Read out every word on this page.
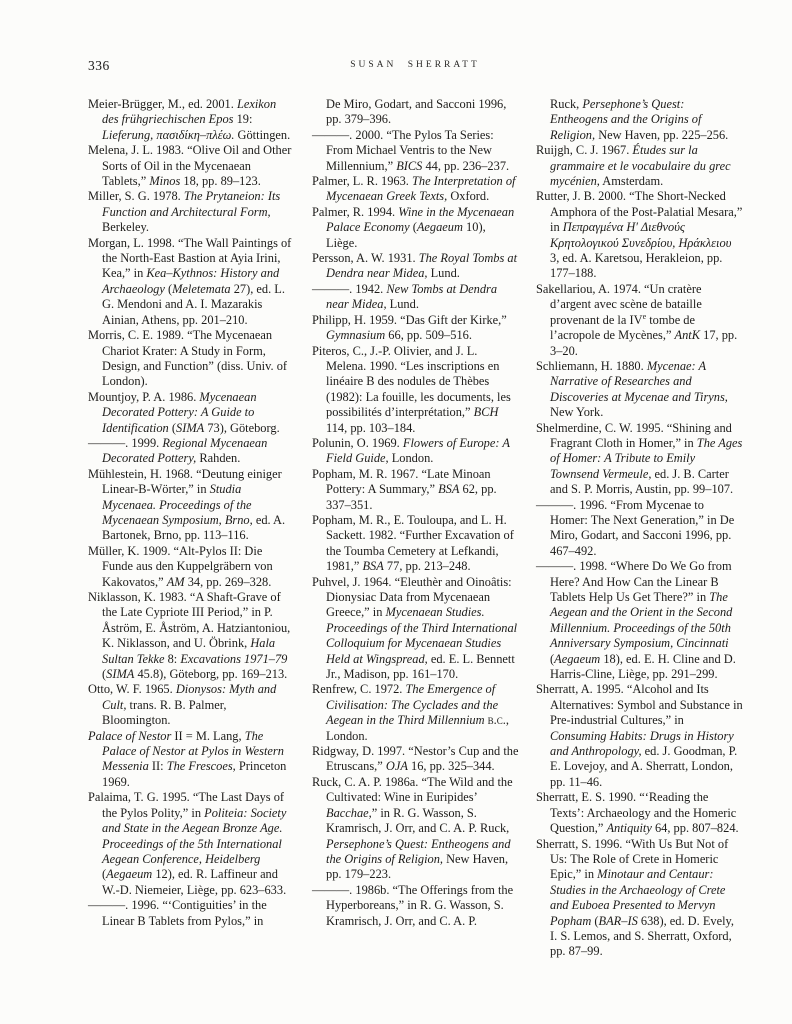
336	SUSAN SHERRATT

Meier-Brügger, M., ed. 2001. Lexikon des frühgriechischen Epos 19: Lieferung, πασιδίκη–πλέω. Göttingen.

Melena, J. L. 1983. “Olive Oil and Other Sorts of Oil in the Mycenaean Tablets,” Minos 18, pp. 89–123.

Miller, S. G. 1978. The Prytaneion: Its Function and Architectural Form, Berkeley.

Morgan, L. 1998. “The Wall Paintings of the North-East Bastion at Ayia Irini, Kea,” in Kea–Kythnos: History and Archaeology (Meletemata 27), ed. L. G. Mendoni and A. I. Mazarakis Ainian, Athens, pp. 201–210.

Morris, C. E. 1989. “The Mycenaean Chariot Krater: A Study in Form, Design, and Function” (diss. Univ. of London).

Mountjoy, P. A. 1986. Mycenaean Decorated Pottery: A Guide to Identification (SIMA 73), Göteborg.

———. 1999. Regional Mycenaean Decorated Pottery, Rahden.

Mühlestein, H. 1968. “Deutung einiger Linear-B-Wörter,” in Studia Mycenaea. Proceedings of the Mycenaean Symposium, Brno, ed. A. Bartonek, Brno, pp. 113–116.

Müller, K. 1909. “Alt-Pylos II: Die Funde aus den Kuppelgräbern von Kakovatos,” AM 34, pp. 269–328.

Niklasson, K. 1983. “A Shaft-Grave of the Late Cypriote III Period,” in P. Åström, E. Åström, A. Hatziantoniou, K. Niklasson, and U. Öbrink, Hala Sultan Tekke 8: Excavations 1971–79 (SIMA 45.8), Göteborg, pp. 169–213.

Otto, W. F. 1965. Dionysos: Myth and Cult, trans. R. B. Palmer, Bloomington.

Palace of Nestor II = M. Lang, The Palace of Nestor at Pylos in Western Messenia II: The Frescoes, Princeton 1969.

Palaima, T. G. 1995. “The Last Days of the Pylos Polity,” in Politeia: Society and State in the Aegean Bronze Age. Proceedings of the 5th International Aegean Conference, Heidelberg (Aegaeum 12), ed. R. Laffineur and W.-D. Niemeier, Liège, pp. 623–633.

———. 1996. “‘Contiguities’ in the Linear B Tablets from Pylos,” in

De Miro, Godart, and Sacconi 1996, pp. 379–396.

———. 2000. “The Pylos Ta Series: From Michael Ventris to the New Millennium,” BICS 44, pp. 236–237.

Palmer, L. R. 1963. The Interpretation of Mycenaean Greek Texts, Oxford.

Palmer, R. 1994. Wine in the Mycenaean Palace Economy (Aegaeum 10), Liège.

Persson, A. W. 1931. The Royal Tombs at Dendra near Midea, Lund.

———. 1942. New Tombs at Dendra near Midea, Lund.

Philipp, H. 1959. “Das Gift der Kirke,” Gymnasium 66, pp. 509–516.

Piteros, C., J.-P. Olivier, and J. L. Melena. 1990. “Les inscriptions en linéaire B des nodules de Thèbes (1982): La fouille, les documents, les possibilités d’interprétation,” BCH 114, pp. 103–184.

Polunin, O. 1969. Flowers of Europe: A Field Guide, London.

Popham, M. R. 1967. “Late Minoan Pottery: A Summary,” BSA 62, pp. 337–351.

Popham, M. R., E. Touloupa, and L. H. Sackett. 1982. “Further Excavation of the Toumba Cemetery at Lefkandi, 1981,” BSA 77, pp. 213–248.

Puhvel, J. 1964. “Eleuthèr and Oinoâtis: Dionysiac Data from Mycenaean Greece,” in Mycenaean Studies. Proceedings of the Third International Colloquium for Mycenaean Studies Held at Wingspread, ed. E. L. Bennett Jr., Madison, pp. 161–170.

Renfrew, C. 1972. The Emergence of Civilisation: The Cyclades and the Aegean in the Third Millennium b.c., London.

Ridgway, D. 1997. “Nestor’s Cup and the Etruscans,” OJA 16, pp. 325–344.

Ruck, C. A. P. 1986a. “The Wild and the Cultivated: Wine in Euripides’ Bacchae,” in R. G. Wasson, S. Kramrisch, J. Orr, and C. A. P. Ruck, Persephone’s Quest: Entheogens and the Origins of Religion, New Haven, pp. 179–223.

———. 1986b. “The Offerings from the Hyperboreans,” in R. G. Wasson, S. Kramrisch, J. Orr, and C. A. P.

Ruck, Persephone’s Quest: Entheogens and the Origins of Religion, New Haven, pp. 225–256.

Ruijgh, C. J. 1967. Études sur la grammaire et le vocabulaire du grec mycénien, Amsterdam.

Rutter, J. B. 2000. “The Short-Necked Amphora of the Post-Palatial Mesara,” in Πεπραγμένα Η′ Διεθνούς Κρητολογικού Συνεδρίου, Ηράκλειου 3, ed. A. Karetsou, Herakleion, pp. 177–188.

Sakellariou, A. 1974. “Un cratère d’argent avec scène de bataille provenant de la IVe tombe de l’acropole de Mycènes,” AntK 17, pp. 3–20.

Schliemann, H. 1880. Mycenae: A Narrative of Researches and Discoveries at Mycenae and Tiryns, New York.

Shelmerdine, C. W. 1995. “Shining and Fragrant Cloth in Homer,” in The Ages of Homer: A Tribute to Emily Townsend Vermeule, ed. J. B. Carter and S. P. Morris, Austin, pp. 99–107.

———. 1996. “From Mycenae to Homer: The Next Generation,” in De Miro, Godart, and Sacconi 1996, pp. 467–492.

———. 1998. “Where Do We Go from Here? And How Can the Linear B Tablets Help Us Get There?” in The Aegean and the Orient in the Second Millennium. Proceedings of the 50th Anniversary Symposium, Cincinnati (Aegaeum 18), ed. E. H. Cline and D. Harris-Cline, Liège, pp. 291–299.

Sherratt, A. 1995. “Alcohol and Its Alternatives: Symbol and Substance in Pre-industrial Cultures,” in Consuming Habits: Drugs in History and Anthropology, ed. J. Goodman, P. E. Lovejoy, and A. Sherratt, London, pp. 11–46.

Sherratt, E. S. 1990. “‘Reading the Texts’: Archaeology and the Homeric Question,” Antiquity 64, pp. 807–824.

Sherratt, S. 1996. “With Us But Not of Us: The Role of Crete in Homeric Epic,” in Minotaur and Centaur: Studies in the Archaeology of Crete and Euboea Presented to Mervyn Popham (BAR–IS 638), ed. D. Evely, I. S. Lemos, and S. Sherratt, Oxford, pp. 87–99.
